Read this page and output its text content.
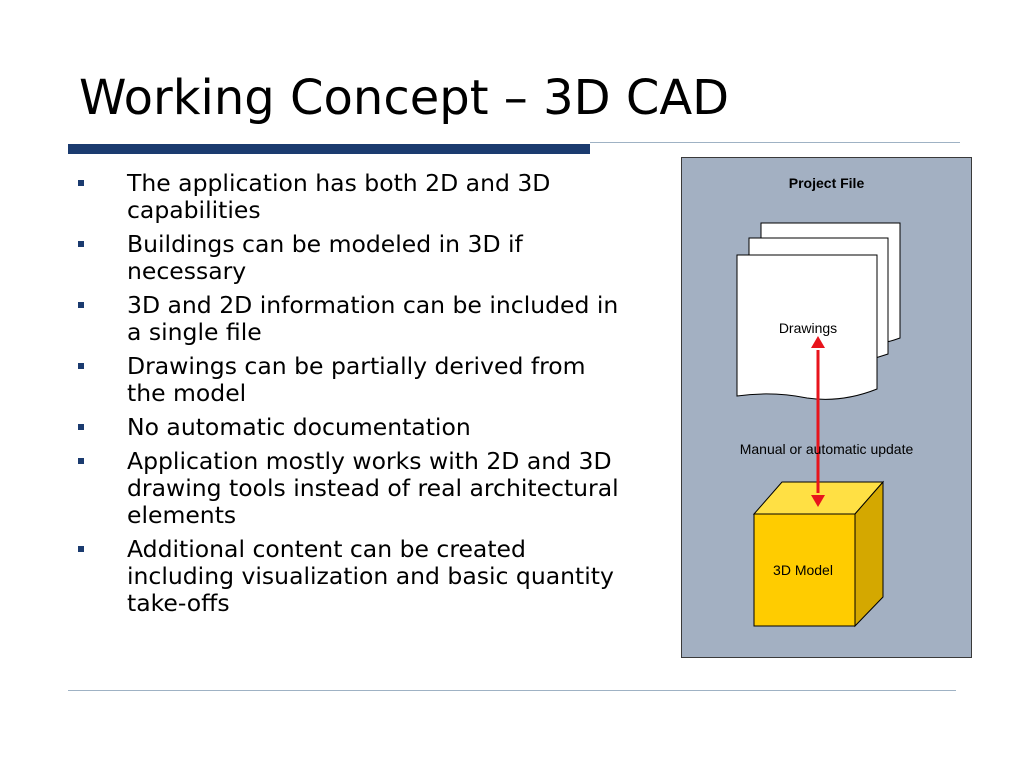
Working Concept – 3D CAD
The application has both 2D and 3D capabilities
Buildings can be modeled in 3D if necessary
3D and 2D information can be included in a single file
Drawings can be partially derived from the model
No automatic documentation
Application mostly works with 2D and 3D drawing tools instead of real architectural elements
Additional content can be created including visualization and basic quantity take-offs
Project File
Drawings
Manual or automatic update
3D Model
